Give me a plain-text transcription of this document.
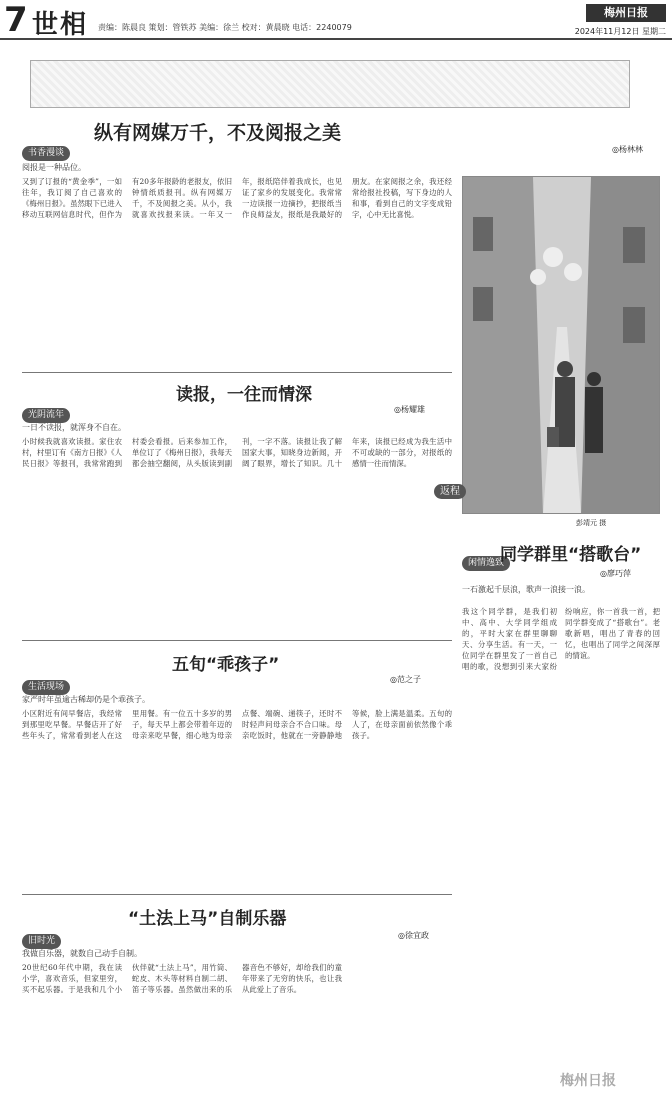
7 世相 责编：陈晨良 策划：管铁苏 美编：徐兰 校对：黄晨晓 电话：2240079
梅州日报
2024年11月12日 星期二
书香漫谈
纵有网媒万千，不及阅报之美
◎杨林林
阅报是一种品位。
又到了订报的“黄金季”，一如往年，我订阅了自己喜欢的《梅州日报》。虽然眼下已进入移动互联网信息时代，但作为有20多年报龄的老报友，依旧钟情纸质报刊。纵有网媒万千，不及阅报之美。从小，我就喜欢找报来读。一年又一年，报纸陪伴着我成长，也见证了家乡的发展变化。我常常一边读报一边摘抄，把报纸当作良师益友，报纸是我最好的朋友。在家阅报之余，我还经常给报社投稿，写下身边的人和事，看到自己的文字变成铅字，心中无比喜悦。
返程
彭靖元 摄
光阴流年
读报，一往而情深
◎杨耀雄
一日不读报，就浑身不自在。
小时候我就喜欢读报。家住农村，村里订有《南方日报》《人民日报》等报刊，我常常跑到村委会看报。后来参加工作，单位订了《梅州日报》，我每天都会抽空翻阅，从头版读到副刊，一字不落。读报让我了解国家大事，知晓身边新闻，开阔了眼界，增长了知识。几十年来，读报已经成为我生活中不可或缺的一部分，对报纸的感情一往而情深。
生活现场
五旬“乖孩子”
◎范之子
家严时年虽逾古稀却仍是个乖孩子。
小区附近有间早餐店，我经常到那里吃早餐。早餐店开了好些年头了，常常看到老人在这里用餐。有一位五十多岁的男子，每天早上都会带着年迈的母亲来吃早餐，细心地为母亲点餐、端碗、递筷子，还时不时轻声问母亲合不合口味。母亲吃饭时，他就在一旁静静地等候，脸上满是温柔。五旬的人了，在母亲面前依然像个乖孩子。
闲情逸致
同学群里“搭歌台”
◎廖巧萍
一石激起千层浪，歌声一浪接一浪。
我这个同学群，是我们初中、高中、大学同学组成的，平时大家在群里聊聊天、分享生活。有一天，一位同学在群里发了一首自己唱的歌，没想到引来大家纷纷响应，你一首我一首，把同学群变成了“搭歌台”。老歌新唱，唱出了青春的回忆，也唱出了同学之间深厚的情谊。
旧时光
“土法上马”自制乐器
◎徐宜政
我做自乐器，就数自己动手自制。
20世纪60年代中期，我在读小学，喜欢音乐，但家里穷，买不起乐器。于是我和几个小伙伴就“土法上马”，用竹筒、蛇皮、木头等材料自制二胡、笛子等乐器。虽然做出来的乐器音色不够好，却给我们的童年带来了无穷的快乐，也让我从此爱上了音乐。
梅州日报
